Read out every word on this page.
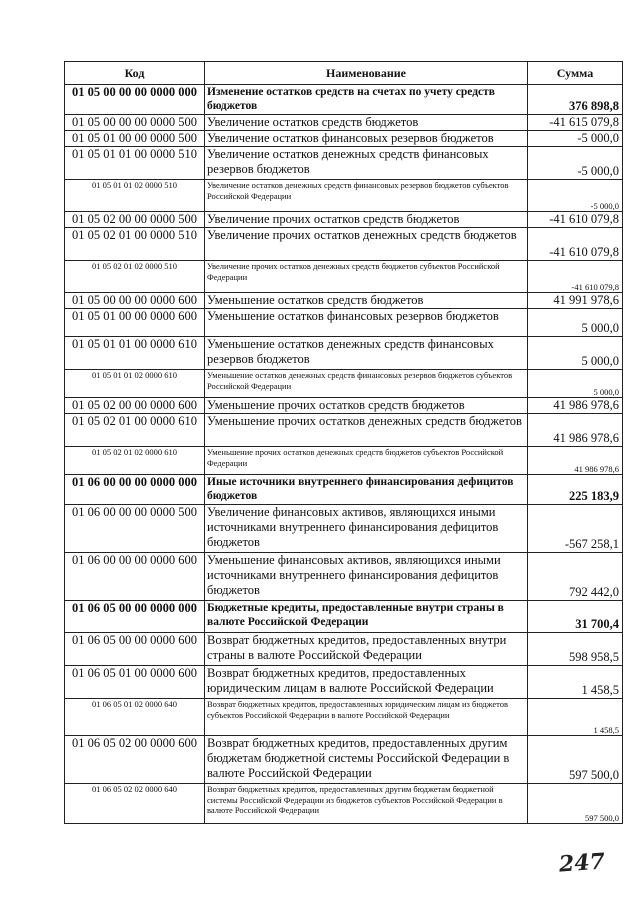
Код	Наименование	Сумма
01 05 00 00 00 0000 000	Изменение остатков средств на счетах по учету средств бюджетов	376 898,8
01 05 00 00 00 0000 500	Увеличение остатков средств бюджетов	-41 615 079,8
01 05 01 00 00 0000 500	Увеличение остатков финансовых резервов бюджетов	-5 000,0
01 05 01 01 00 0000 510	Увеличение остатков денежных средств финансовых резервов бюджетов	-5 000,0
01 05 01 01 02 0000 510	Увеличение остатков денежных средств финансовых резервов бюджетов субъектов Российской Федерации	-5 000,0
01 05 02 00 00 0000 500	Увеличение прочих остатков средств бюджетов	-41 610 079,8
01 05 02 01 00 0000 510	Увеличение прочих остатков денежных средств бюджетов	-41 610 079,8
01 05 02 01 02 0000 510	Увеличение прочих остатков денежных средств бюджетов субъектов Российской Федерации	-41 610 079,8
01 05 00 00 00 0000 600	Уменьшение остатков средств бюджетов	41 991 978,6
01 05 01 00 00 0000 600	Уменьшение остатков финансовых резервов бюджетов	5 000,0
01 05 01 01 00 0000 610	Уменьшение остатков денежных средств финансовых резервов бюджетов	5 000,0
01 05 01 01 02 0000 610	Уменьшение остатков денежных средств финансовых резервов бюджетов субъектов Российской Федерации	5 000,0
01 05 02 00 00 0000 600	Уменьшение прочих остатков средств бюджетов	41 986 978,6
01 05 02 01 00 0000 610	Уменьшение прочих остатков денежных средств бюджетов	41 986 978,6
01 05 02 01 02 0000 610	Уменьшение прочих остатков денежных средств бюджетов субъектов Российской Федерации	41 986 978,6
01 06 00 00 00 0000 000	Иные источники внутреннего финансирования дефицитов бюджетов	225 183,9
01 06 00 00 00 0000 500	Увеличение финансовых активов, являющихся иными источниками внутреннего финансирования дефицитов бюджетов	-567 258,1
01 06 00 00 00 0000 600	Уменьшение финансовых активов, являющихся иными источниками внутреннего финансирования дефицитов бюджетов	792 442,0
01 06 05 00 00 0000 000	Бюджетные кредиты, предоставленные внутри страны в валюте Российской Федерации	31 700,4
01 06 05 00 00 0000 600	Возврат бюджетных кредитов, предоставленных внутри страны в валюте Российской Федерации	598 958,5
01 06 05 01 00 0000 600	Возврат бюджетных кредитов, предоставленных юридическим лицам в валюте Российской Федерации	1 458,5
01 06 05 01 02 0000 640	Возврат бюджетных кредитов, предоставленных юридическим лицам из бюджетов субъектов Российской Федерации в валюте Российской Федерации	1 458,5
01 06 05 02 00 0000 600	Возврат бюджетных кредитов, предоставленных другим бюджетам бюджетной системы Российской Федерации в валюте Российской Федерации	597 500,0
01 06 05 02 02 0000 640	Возврат бюджетных кредитов, предоставленных другим бюджетам бюджетной системы Российской Федерации из бюджетов субъектов Российской Федерации в валюте Российской Федерации	597 500,0
247
